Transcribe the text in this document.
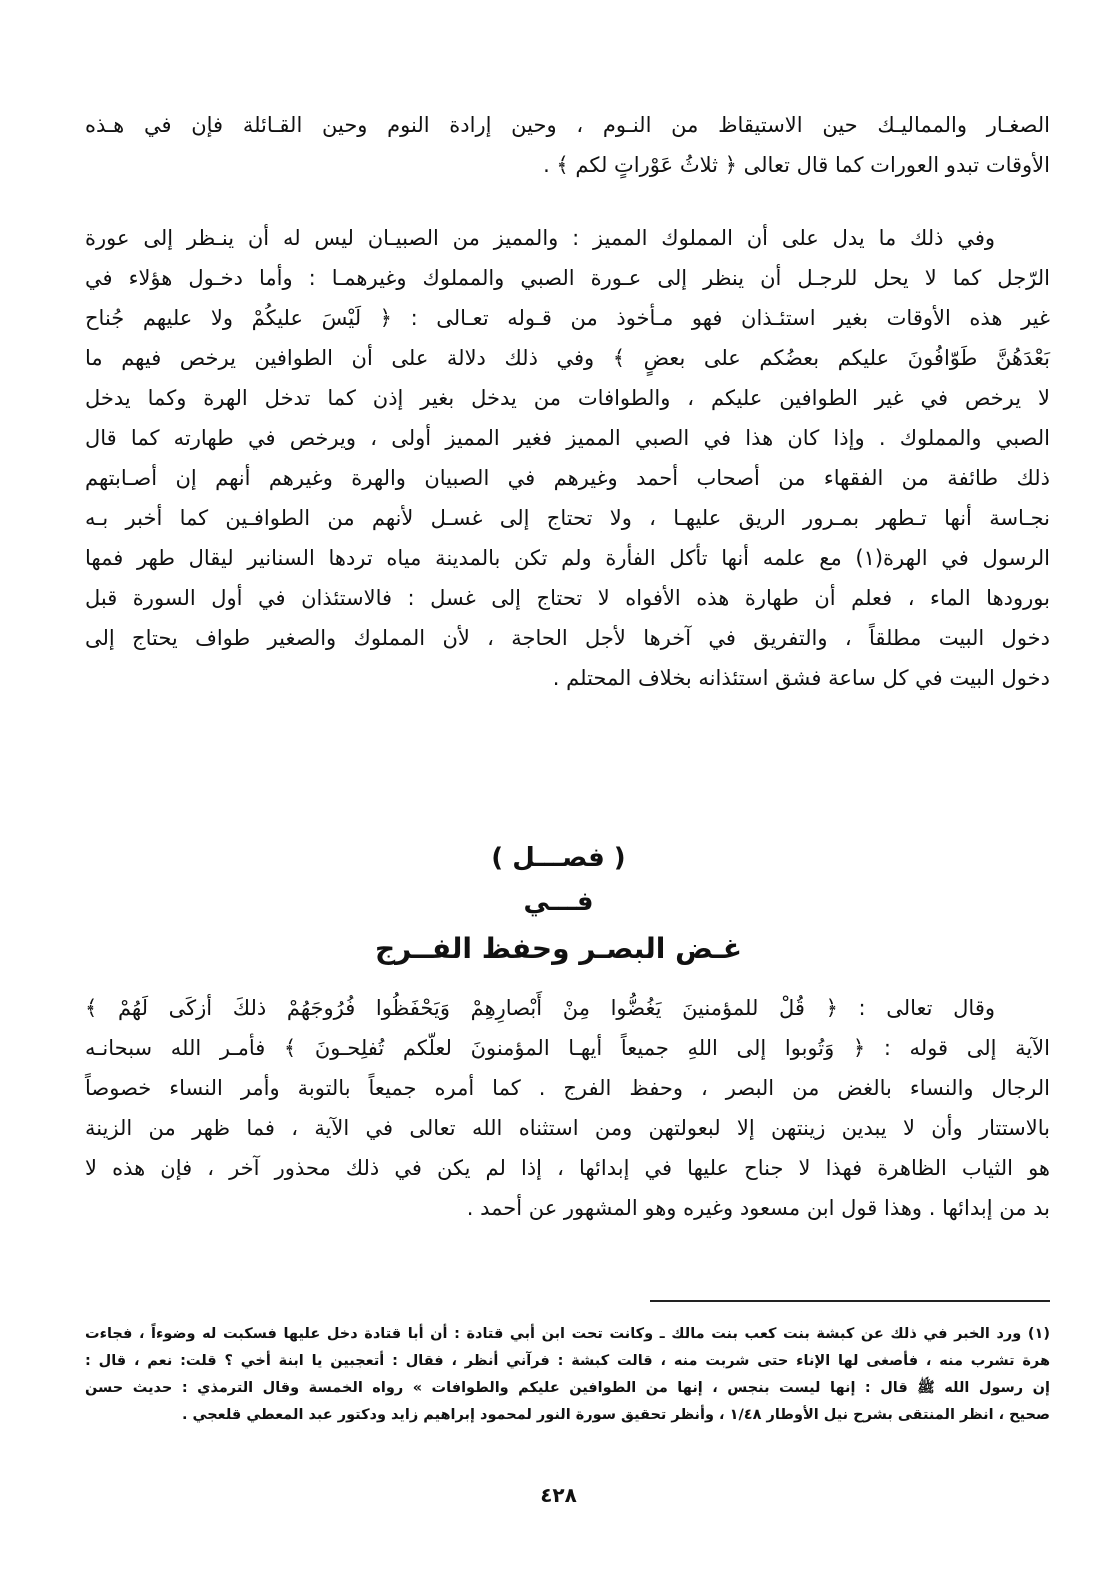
الصغـار والمماليـك حين الاستيقاظ من النـوم ، وحين إرادة النوم وحين القـائلة فإن في هـذه
الأوقات تبدو العورات كما قال تعالى ﴿ ثلاثُ عَوْراتٍ لكم ﴾ .
وفي ذلك ما يدل على أن المملوك المميز : والمميز من الصبيـان ليس له أن ينـظر إلى عورة
الرّجل كما لا يحل للرجـل أن ينظر إلى عـورة الصبي والمملوك وغيرهمـا : وأما دخـول هؤلاء في
غير هذه الأوقات بغير استئـذان فهو مـأخوذ من قـوله تعـالى : ﴿ لَيْسَ عليكُمْ ولا عليهم جُناح
بَعْدَهُنَّ طَوّافُونَ عليكم بعضُكم على بعضٍ ﴾ وفي ذلك دلالة على أن الطوافين يرخص فيهم ما
لا يرخص في غير الطوافين عليكم ، والطوافات من يدخل بغير إذن كما تدخل الهرة وكما يدخل
الصبي والمملوك . وإذا كان هذا في الصبي المميز فغير المميز أولى ، ويرخص في طهارته كما قال
ذلك طائفة من الفقهاء من أصحاب أحمد وغيرهم في الصبيان والهرة وغيرهم أنهم إن أصـابتهم
نجـاسة أنها تـطهر بمـرور الريق عليهـا ، ولا تحتاج إلى غسـل لأنهم من الطوافـين كما أخبر بـه
الرسول في الهرة(١) مع علمه أنها تأكل الفأرة ولم تكن بالمدينة مياه تردها السنانير ليقال طهر فمها
بورودها الماء ، فعلم أن طهارة هذه الأفواه لا تحتاج إلى غسل : فالاستئذان في أول السورة قبل
دخول البيت مطلقاً ، والتفريق في آخرها لأجل الحاجة ، لأن المملوك والصغير طواف يحتاج إلى
دخول البيت في كل ساعة فشق استئذانه بخلاف المحتلم .
( فصـــل )
فـــي
غـض البصـر وحفظ الفــرج
وقال تعالى : ﴿ قُلْ للمؤمنينَ يَغُضُّوا مِنْ أَبْصارِهِمْ وَيَحْفَظُوا فُرُوجَهُمْ ذلكَ أزكَى لَهُمْ ﴾
الآية إلى قوله : ﴿ وَتُوبوا إلى اللهِ جميعاً أيهـا المؤمنونَ لعلّكم تُفلِحـونَ ﴾ فأمـر الله سبحانـه
الرجال والنساء بالغض من البصر ، وحفظ الفرج . كما أمره جميعاً بالتوبة وأمر النساء خصوصاً
بالاستتار وأن لا يبدين زينتهن إلا لبعولتهن ومن استثناه الله تعالى في الآية ، فما ظهر من الزينة
هو الثياب الظاهرة فهذا لا جناح عليها في إبدائها ، إذا لم يكن في ذلك محذور آخر ، فإن هذه لا
بد من إبدائها . وهذا قول ابن مسعود وغيره وهو المشهور عن أحمد .
(١) ورد الخبر في ذلك عن كبشة بنت كعب بنت مالك ـ وكانت تحت ابن أبي قتادة : أن أبا قتادة دخل عليها فسكبت له وضوءاً ، فجاءت
هرة تشرب منه ، فأصغى لها الإناء حتى شربت منه ، قالت كبشة : فرآني أنظر ، فقال : أتعجبين يا ابنة أخي ؟ قلت: نعم ، قال :
إن رسول الله ﷺ قال : إنها ليست بنجس ، إنها من الطوافين عليكم والطوافات » رواه الخمسة وقال الترمذي : حديث حسن
صحيح ، انظر المنتقى بشرح نيل الأوطار ١/٤٨ ، وأنظر تحقيق سورة النور لمحمود إبراهيم زايد ودكتور عبد المعطي قلعجي .
٤٢٨
